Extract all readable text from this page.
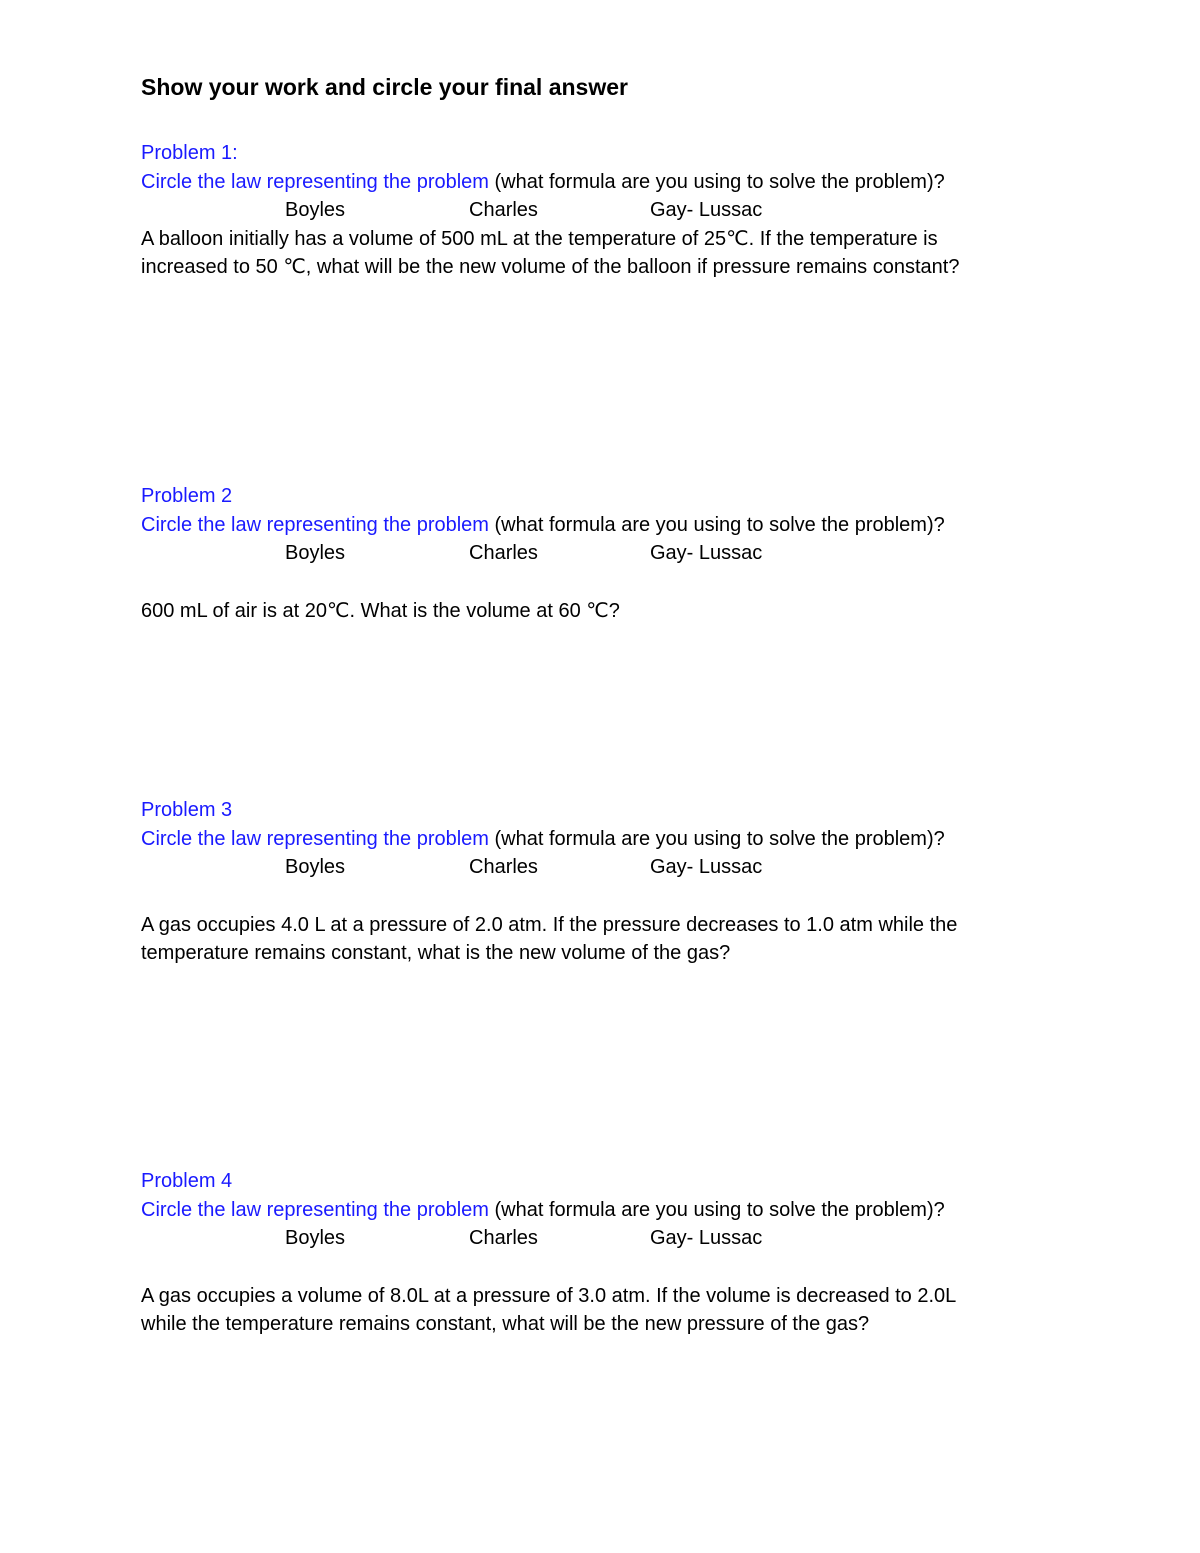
Show your work and circle your final answer
Problem 1:
Circle the law representing the problem (what formula are you using to solve the problem)?
Boyles	Charles	Gay- Lussac
A balloon initially has a volume of 500 mL at the temperature of 25℃. If the temperature is
increased to 50 ℃, what will be the new volume of the balloon if pressure remains constant?
Problem 2
Circle the law representing the problem (what formula are you using to solve the problem)?
Boyles	Charles	Gay- Lussac
600 mL of air is at 20℃. What is the volume at 60 ℃?
Problem 3
Circle the law representing the problem (what formula are you using to solve the problem)?
Boyles	Charles	Gay- Lussac
A gas occupies 4.0 L at a pressure of 2.0 atm. If the pressure decreases to 1.0 atm while the
temperature remains constant, what is the new volume of the gas?
Problem 4
Circle the law representing the problem (what formula are you using to solve the problem)?
Boyles	Charles	Gay- Lussac
A gas occupies a volume of 8.0L at a pressure of 3.0 atm. If the volume is decreased to 2.0L
while the temperature remains constant, what will be the new pressure of the gas?
